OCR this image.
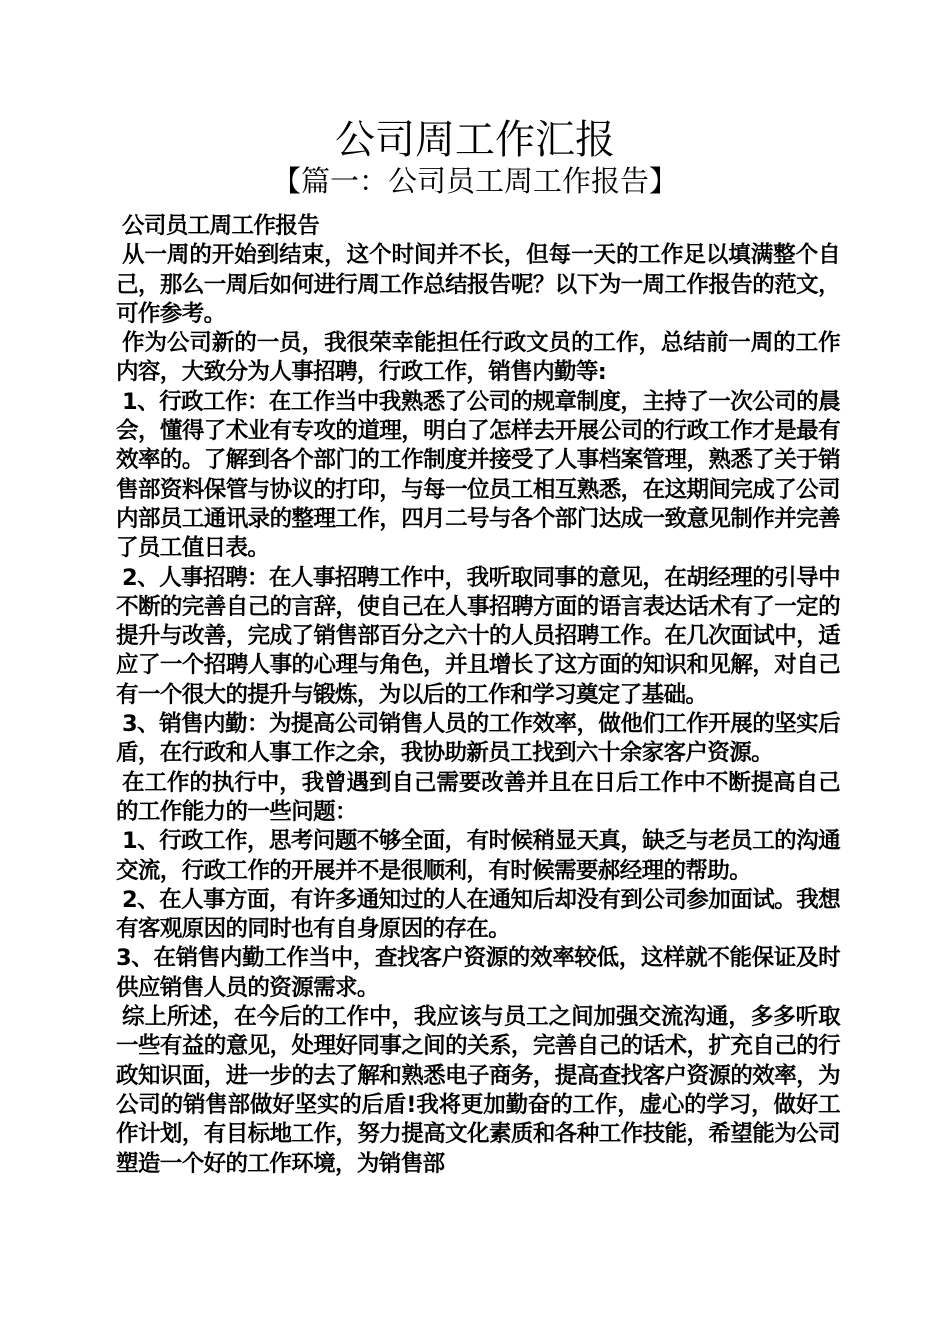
公司周工作汇报
【篇一：公司员工周工作报告】

公司员工周工作报告

从一周的开始到结束，这个时间并不长，但每一天的工作足以填满整个自己，那么一周后如何进行周工作总结报告呢？以下为一周工作报告的范文，可作参考。

作为公司新的一员，我很荣幸能担任行政文员的工作，总结前一周的工作内容，大致分为人事招聘，行政工作，销售内勤等:

1、行政工作：在工作当中我熟悉了公司的规章制度，主持了一次公司的晨会，懂得了术业有专攻的道理，明白了怎样去开展公司的行政工作才是最有效率的。了解到各个部门的工作制度并接受了人事档案管理，熟悉了关于销售部资料保管与协议的打印，与每一位员工相互熟悉，在这期间完成了公司内部员工通讯录的整理工作，四月二号与各个部门达成一致意见制作并完善了员工值日表。

2、人事招聘：在人事招聘工作中，我听取同事的意见，在胡经理的引导中不断的完善自己的言辞，使自己在人事招聘方面的语言表达话术有了一定的提升与改善，完成了销售部百分之六十的人员招聘工作。在几次面试中，适应了一个招聘人事的心理与角色，并且增长了这方面的知识和见解，对自己有一个很大的提升与锻炼，为以后的工作和学习奠定了基础。

3、销售内勤：为提高公司销售人员的工作效率，做他们工作开展的坚实后盾，在行政和人事工作之余，我协助新员工找到六十余家客户资源。

在工作的执行中，我曾遇到自己需要改善并且在日后工作中不断提高自己的工作能力的一些问题：

1、行政工作，思考问题不够全面，有时候稍显天真，缺乏与老员工的沟通交流，行政工作的开展并不是很顺利，有时候需要郝经理的帮助。

2、在人事方面，有许多通知过的人在通知后却没有到公司参加面试。我想有客观原因的同时也有自身原因的存在。

3、在销售内勤工作当中，查找客户资源的效率较低，这样就不能保证及时供应销售人员的资源需求。

综上所述，在今后的工作中，我应该与员工之间加强交流沟通，多多听取一些有益的意见，处理好同事之间的关系，完善自己的话术，扩充自己的行政知识面，进一步的去了解和熟悉电子商务，提高查找客户资源的效率，为公司的销售部做好坚实的后盾!我将更加勤奋的工作，虚心的学习，做好工作计划，有目标地工作，努力提高文化素质和各种工作技能，希望能为公司塑造一个好的工作环境，为销售部
